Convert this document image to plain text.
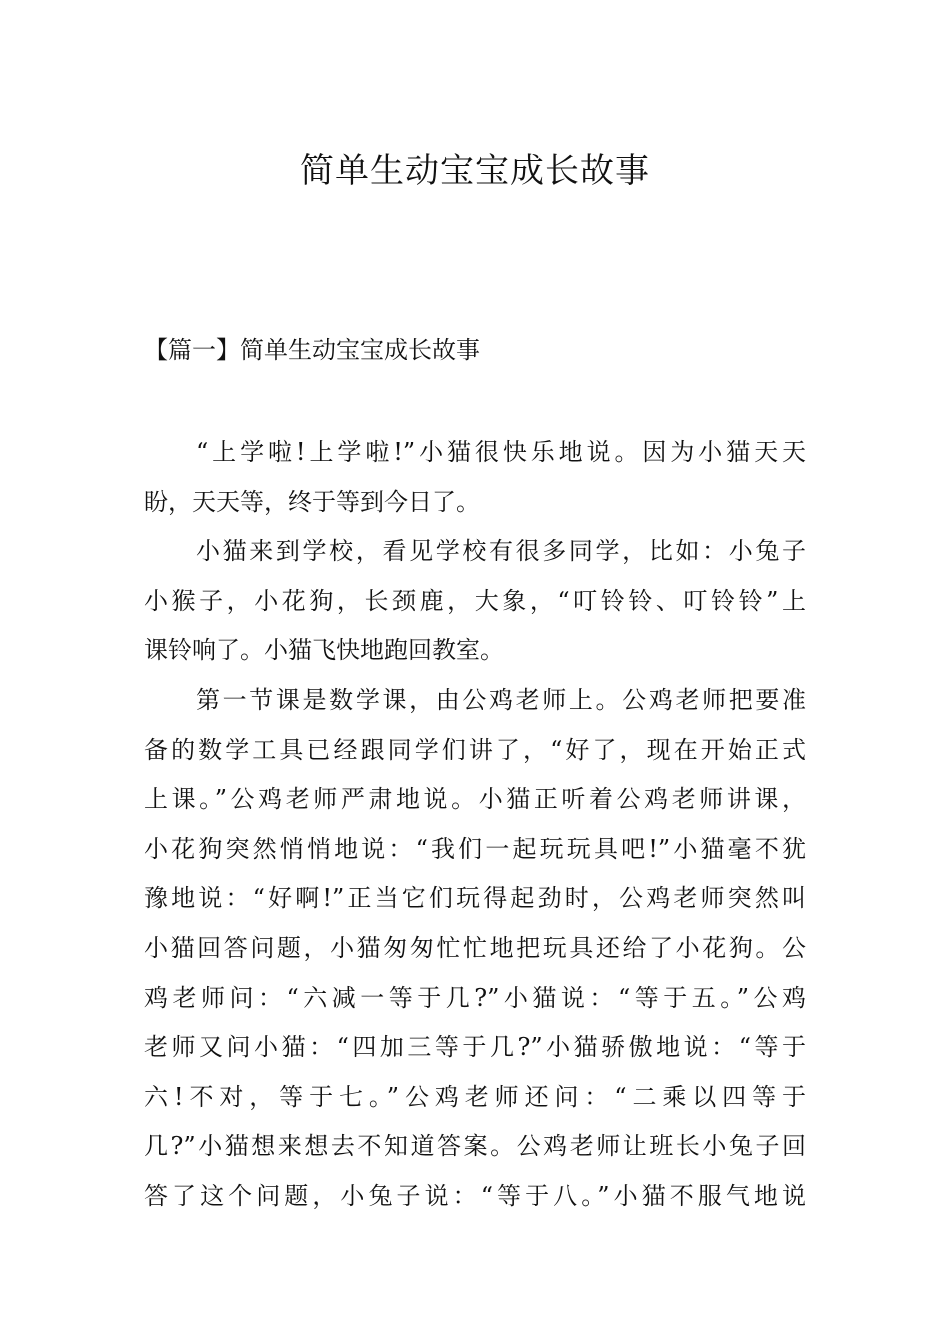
简单生动宝宝成长故事
【篇一】简单生动宝宝成长故事

“上学啦!上学啦!”小猫很快乐地说。因为小猫天天
盼，天天等，终于等到今日了。

小猫来到学校，看见学校有很多同学，比如：小兔子
小猴子，小花狗，长颈鹿，大象，“叮铃铃、叮铃铃”上
课铃响了。小猫飞快地跑回教室。

第一节课是数学课，由公鸡老师上。公鸡老师把要准
备的数学工具已经跟同学们讲了，“好了，现在开始正式
上课。”公鸡老师严肃地说。小猫正听着公鸡老师讲课，
小花狗突然悄悄地说：“我们一起玩玩具吧!”小猫毫不犹
豫地说：“好啊!”正当它们玩得起劲时，公鸡老师突然叫
小猫回答问题，小猫匆匆忙忙地把玩具还给了小花狗。公
鸡老师问：“六减一等于几?”小猫说：“等于五。”公鸡
老师又问小猫：“四加三等于几?”小猫骄傲地说：“等于
六!不对，等于七。”公鸡老师还问：“二乘以四等于
几?”小猫想来想去不知道答案。公鸡老师让班长小兔子回
答了这个问题，小兔子说：“等于八。”小猫不服气地说
